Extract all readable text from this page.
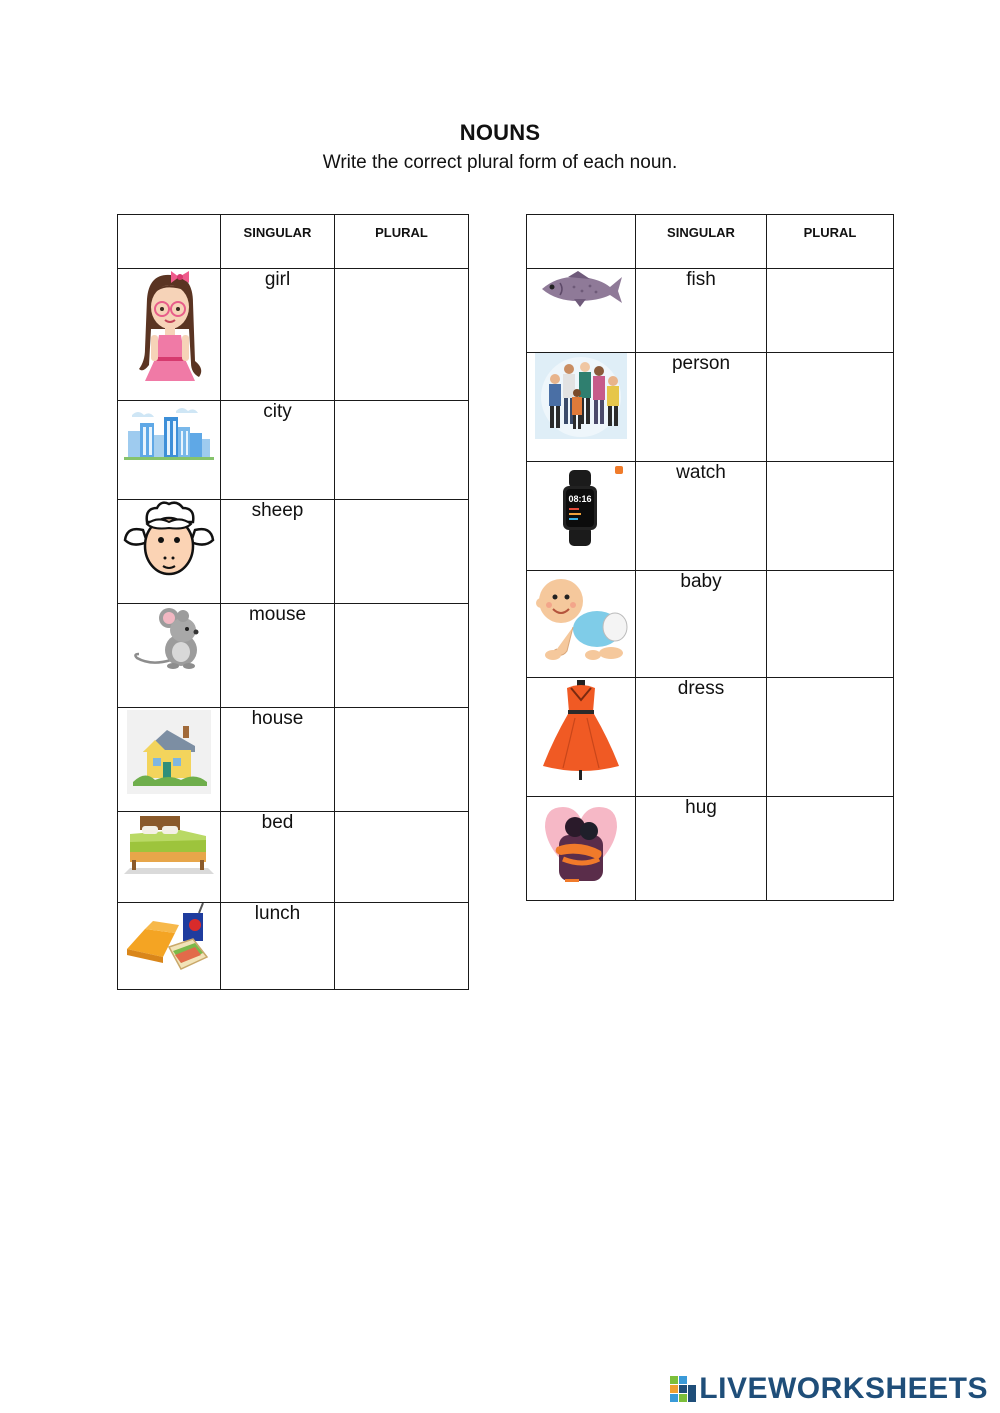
NOUNS
Write the correct plural form of each noun.
	SINGULAR	PLURAL

	girl	

	city	

	sheep	

	mouse	

	house	

	bed	

	lunch	
	SINGULAR	PLURAL

	fish	

	person	

08:16	watch	

	baby	

	dress	

	hug	
LIVEWORKSHEETS
